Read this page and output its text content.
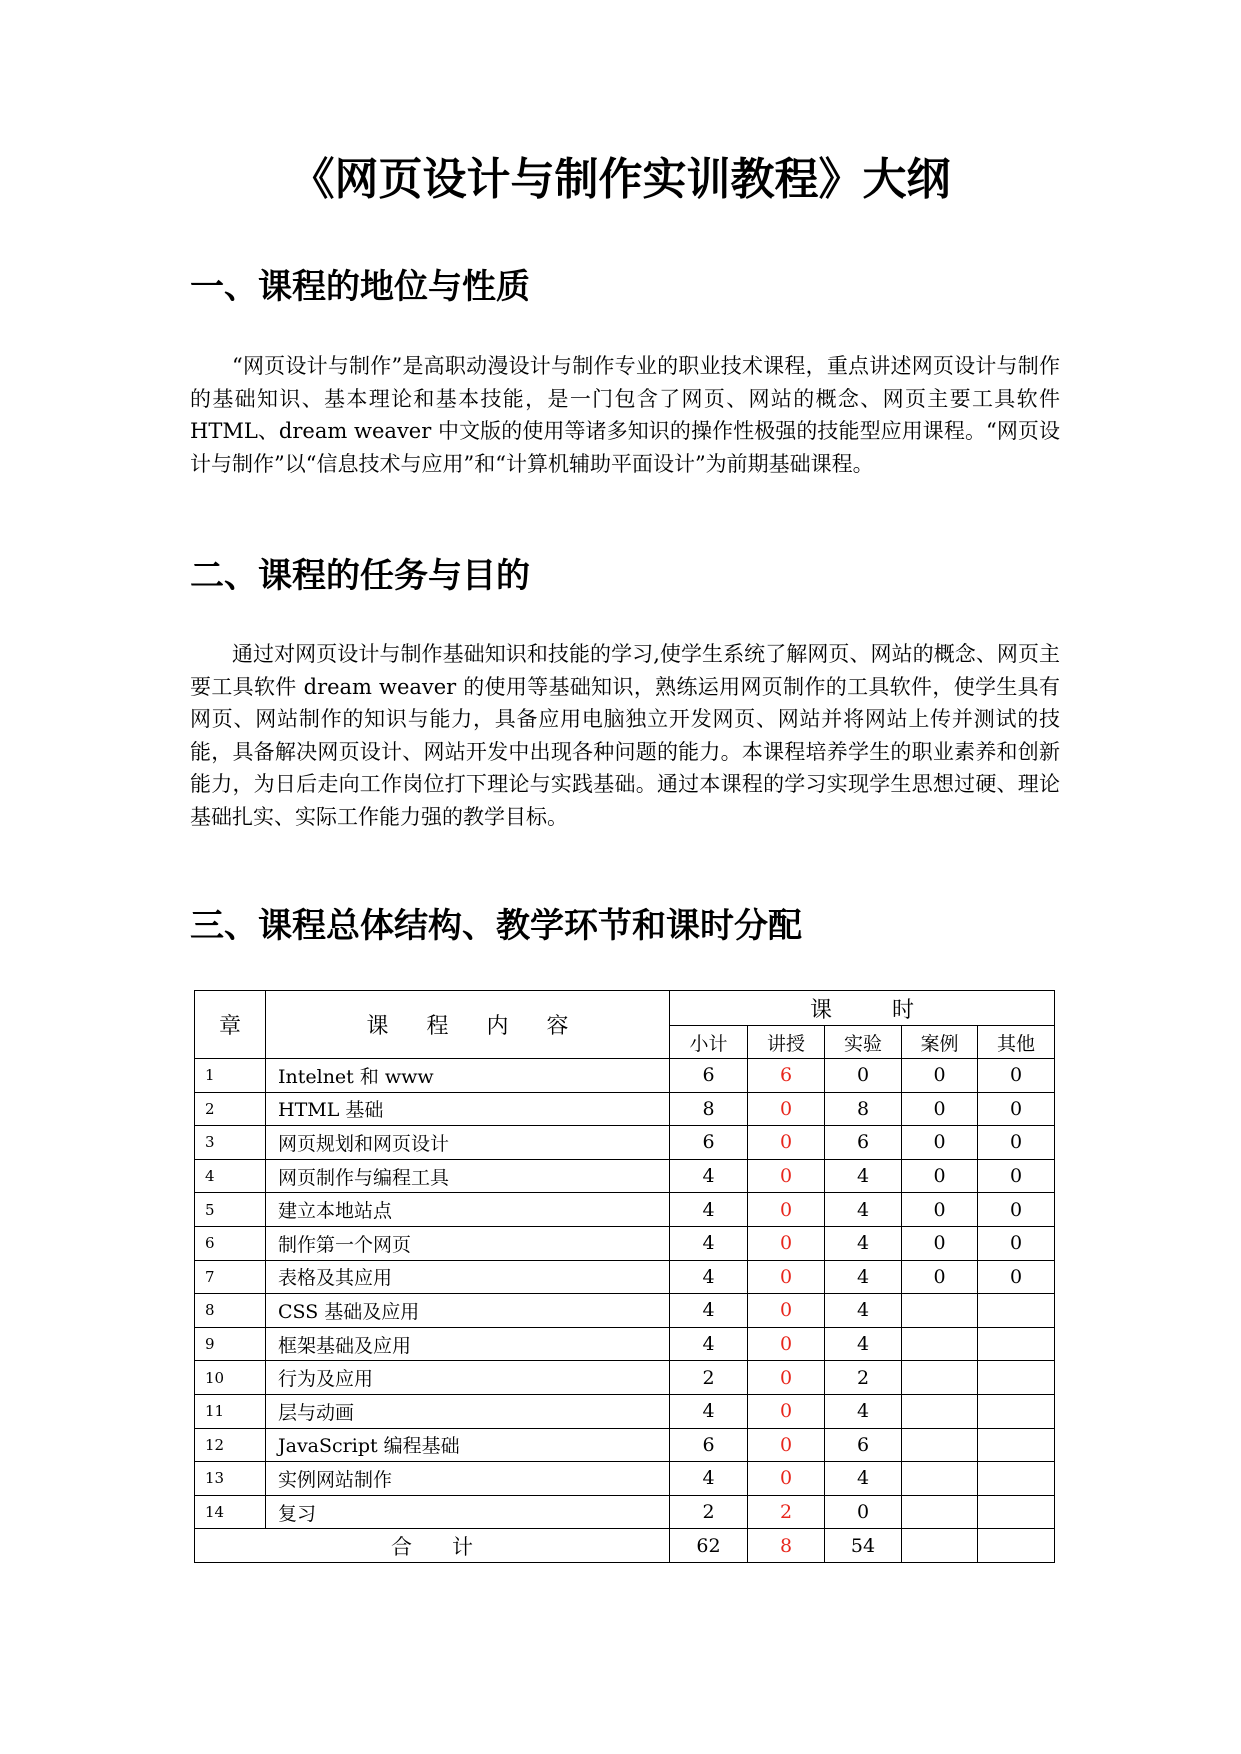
《网页设计与制作实训教程》大纲
一、课程的地位与性质

“网页设计与制作”是高职动漫设计与制作专业的职业技术课程，重点讲述网页设计与制作的基础知识、基本理论和基本技能，是一门包含了网页、网站的概念、网页主要工具软件 HTML、dream weaver 中文版的使用等诸多知识的操作性极强的技能型应用课程。“网页设计与制作”以“信息技术与应用”和“计算机辅助平面设计”为前期基础课程。

二、课程的任务与目的

通过对网页设计与制作基础知识和技能的学习,使学生系统了解网页、网站的概念、网页主要工具软件 dream weaver 的使用等基础知识，熟练运用网页制作的工具软件，使学生具有网页、网站制作的知识与能力，具备应用电脑独立开发网页、网站并将网站上传并测试的技能，具备解决网页设计、网站开发中出现各种问题的能力。本课程培养学生的职业素养和创新能力，为日后走向工作岗位打下理论与实践基础。通过本课程的学习实现学生思想过硬、理论基础扎实、实际工作能力强的教学目标。

三、课程总体结构、教学环节和课时分配
章	课程内容	课时				
		小计	讲授	实验	案例	其他
1	Intelnet 和 www	6	6	0	0	0
2	HTML 基础	8	0	8	0	0
3	网页规划和网页设计	6	0	6	0	0
4	网页制作与编程工具	4	0	4	0	0
5	建立本地站点	4	0	4	0	0
6	制作第一个网页	4	0	4	0	0
7	表格及其应用	4	0	4	0	0
8	CSS 基础及应用	4	0	4		
9	框架基础及应用	4	0	4		
10	行为及应用	2	0	2		
11	层与动画	4	0	4		
12	JavaScript 编程基础	6	0	6		
13	实例网站制作	4	0	4		
14	复习	2	2	0		
合计		62	8	54		
